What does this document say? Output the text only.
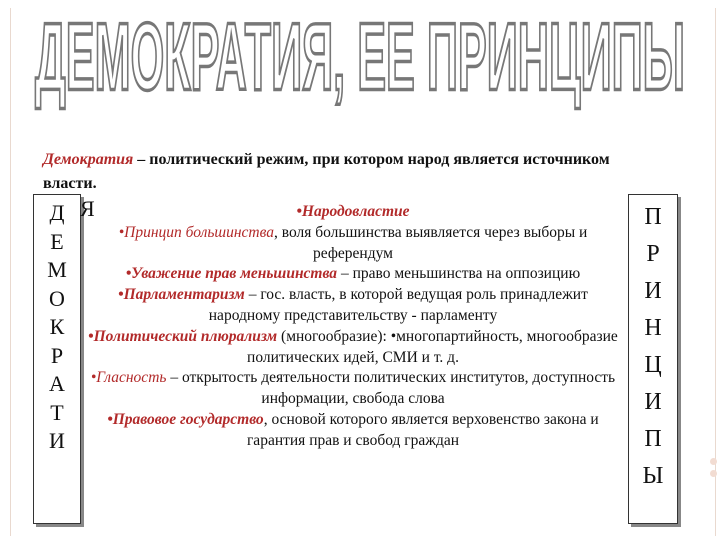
ДЕМОКРАТИЯ, ЕЕ ПРИНЦИПЫ
Демократия – политический режим, при котором народ является источником власти.
Д
Е
М
О
К
Р
А
Т
И
Я	П
Р
И
Н
Ц
И
П
Ы
•Народовластие
•Принцип большинства, воля большинства выявляется через выборы и референдум
•Уважение прав меньшинства – право меньшинства на оппозицию
•Парламентаризм – гос. власть, в которой ведущая роль принадлежит народному представительству - парламенту
•Политический плюрализм (многообразие): •многопартийность, многообразие политических идей, СМИ и т. д.
•Гласность – открытость деятельности политических институтов, доступность информации, свобода слова
•Правовое государство, основой которого является верховенство закона и гарантия прав и свобод граждан
